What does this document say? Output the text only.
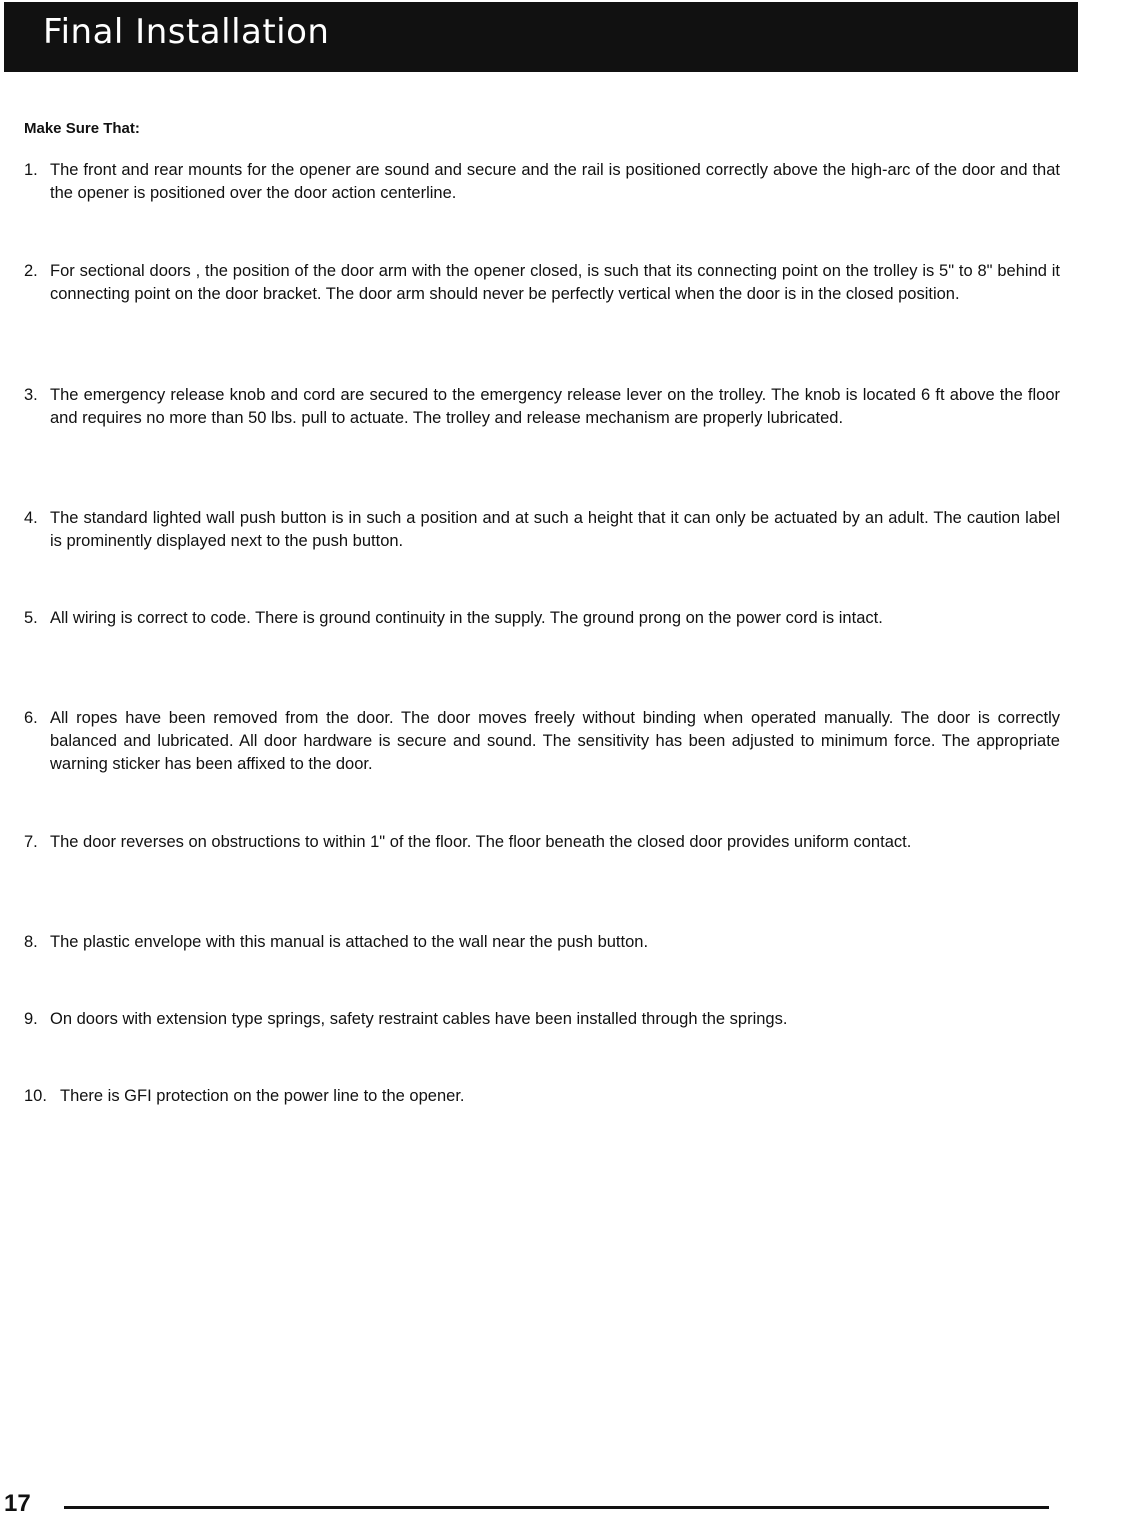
Final Installation
Make Sure That:
1. The front and rear mounts for the opener are sound and secure and the rail is positioned correctly above the high-arc of the door and that the opener is positioned over the door action centerline.
2. For sectional doors , the position of the door arm with the opener closed, is such that its connecting point on the trolley is 5" to 8" behind it connecting point on the door bracket. The door arm should never be perfectly vertical when the door is in the closed position.
3. The emergency release knob and cord are secured to the emergency release lever on the trolley. The knob is located 6 ft above the floor and requires no more than 50 lbs. pull to actuate. The trolley and release mechanism are properly lubricated.
4. The standard lighted wall push button is in such a position and at such a height that it can only be actuated by an adult. The caution label is prominently displayed next to the push button.
5. All wiring is correct to code. There is ground continuity in the supply. The ground prong on the power cord is intact.
6. All ropes have been removed from the door. The door moves freely without binding when operated manually. The door is correctly balanced and lubricated. All door hardware is secure and sound. The sensitivity has been adjusted to minimum force. The appropriate warning sticker has been affixed to the door.
7. The door reverses on obstructions to within 1" of the floor. The floor beneath the closed door provides uniform contact.
8. The plastic envelope with this manual is attached to the wall near the push button.
9. On doors with extension type springs, safety restraint cables have been installed through the springs.
10. There is GFI protection on the power line to the opener.
17
